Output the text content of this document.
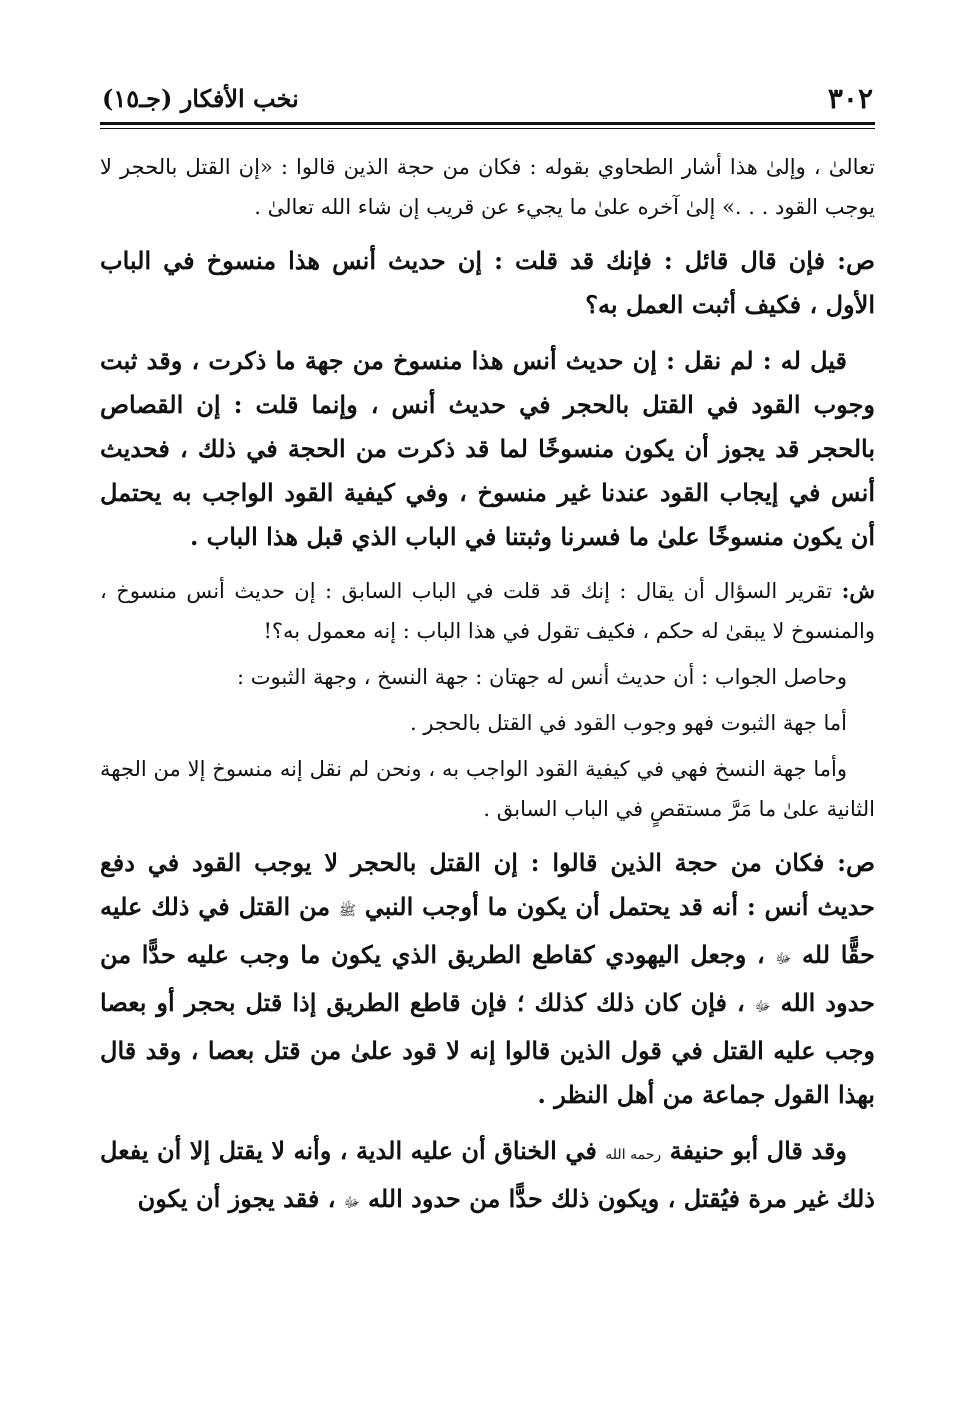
٣٠٢
نخب الأفكار (جـ١٥)

تعالىٰ ، وإلىٰ هذا أشار الطحاوي بقوله : فكان من حجة الذين قالوا : «إن القتل بالحجر لا يوجب القود . . .» إلىٰ آخره علىٰ ما يجيء عن قريب إن شاء الله تعالىٰ .

ص: فإن قال قائل : فإنك قد قلت : إن حديث أنس هذا منسوخ في الباب الأول ، فكيف أثبت العمل به؟

قيل له : لم نقل : إن حديث أنس هذا منسوخ من جهة ما ذكرت ، وقد ثبت وجوب القود في القتل بالحجر في حديث أنس ، وإنما قلت : إن القصاص بالحجر قد يجوز أن يكون منسوخًا لما قد ذكرت من الحجة في ذلك ، فحديث أنس في إيجاب القود عندنا غير منسوخ ، وفي كيفية القود الواجب به يحتمل أن يكون منسوخًا علىٰ ما فسرنا وثبتنا في الباب الذي قبل هذا الباب .

ش: تقرير السؤال أن يقال : إنك قد قلت في الباب السابق : إن حديث أنس منسوخ ، والمنسوخ لا يبقىٰ له حكم ، فكيف تقول في هذا الباب : إنه معمول به؟!

وحاصل الجواب : أن حديث أنس له جهتان : جهة النسخ ، وجهة الثبوت :

أما جهة الثبوت فهو وجوب القود في القتل بالحجر .

وأما جهة النسخ فهي في كيفية القود الواجب به ، ونحن لم نقل إنه منسوخ إلا من الجهة الثانية علىٰ ما مَرَّ مستقصٍ في الباب السابق .

ص: فكان من حجة الذين قالوا : إن القتل بالحجر لا يوجب القود في دفع حديث أنس : أنه قد يحتمل أن يكون ما أوجب النبي ﷺ من القتل في ذلك عليه حقًّا لله ﷻ ، وجعل اليهودي كقاطع الطريق الذي يكون ما وجب عليه حدًّا من حدود الله ﷻ ، فإن كان ذلك كذلك ؛ فإن قاطع الطريق إذا قتل بحجر أو بعصا وجب عليه القتل في قول الذين قالوا إنه لا قود علىٰ من قتل بعصا ، وقد قال بهذا القول جماعة من أهل النظر .

وقد قال أبو حنيفة رحمه الله في الخناق أن عليه الدية ، وأنه لا يقتل إلا أن يفعل ذلك غير مرة فيُقتل ، ويكون ذلك حدًّا من حدود الله ﷻ ، فقد يجوز أن يكون
